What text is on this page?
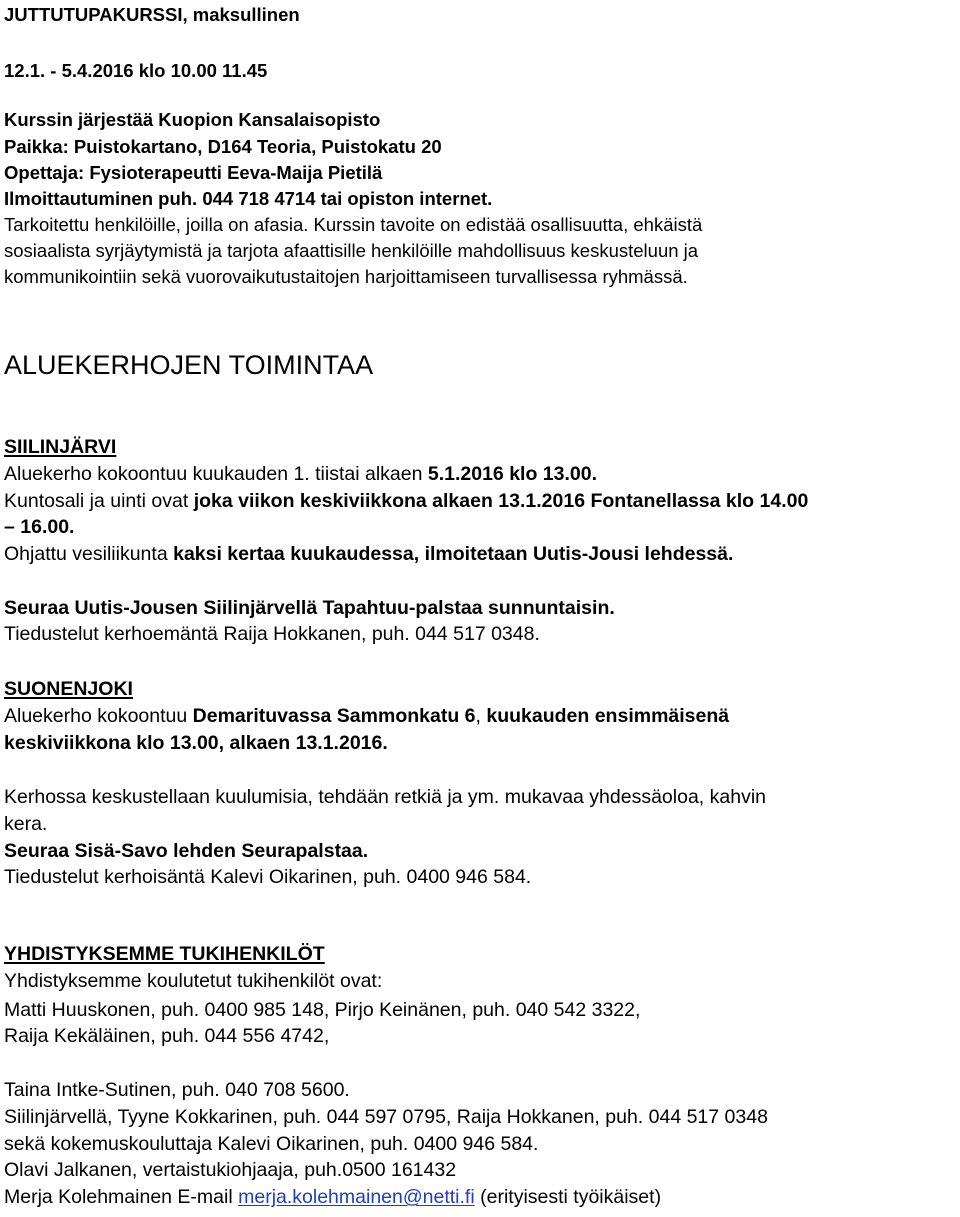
JUTTUTUPAKURSSI, maksullinen
12.1. - 5.4.2016 klo 10.00 11.45
Kurssin järjestää Kuopion Kansalaisopisto
Paikka: Puistokartano, D164 Teoria, Puistokatu 20
Opettaja: Fysioterapeutti Eeva-Maija Pietilä
Ilmoittautuminen puh. 044 718 4714 tai opiston internet.
Tarkoitettu henkilöille, joilla on afasia. Kurssin tavoite on edistää osallisuutta, ehkäistä
sosiaalista syrjäytymistä ja tarjota afaattisille henkilöille mahdollisuus keskusteluun ja
kommunikointiin sekä vuorovaikutustaitojen harjoittamiseen turvallisessa ryhmässä.
ALUEKERHOJEN TOIMINTAA
SIILINJÄRVI
Aluekerho kokoontuu kuukauden 1. tiistai alkaen 5.1.2016 klo 13.00.
Kuntosali ja uinti ovat joka viikon keskiviikkona alkaen 13.1.2016 Fontanellassa klo 14.00
– 16.00.
Ohjattu vesiliikunta kaksi kertaa kuukaudessa, ilmoitetaan Uutis-Jousi lehdessä.
Seuraa Uutis-Jousen Siilinjärvellä Tapahtuu-palstaa sunnuntaisin.
Tiedustelut kerhoemäntä Raija Hokkanen, puh. 044 517 0348.
SUONENJOKI
Aluekerho kokoontuu Demarituvassa Sammonkatu 6, kuukauden ensimmäisenä
keskiviikkona klo 13.00, alkaen 13.1.2016.
Kerhossa keskustellaan kuulumisia, tehdään retkiä ja ym. mukavaa yhdessäoloa, kahvin
kera.
Seuraa Sisä-Savo lehden Seurapalstaa.
Tiedustelut kerhoisäntä Kalevi Oikarinen, puh. 0400 946 584.
YHDISTYKSEMME TUKIHENKILÖT
Yhdistyksemme koulutetut tukihenkilöt ovat:
Matti Huuskonen, puh. 0400 985 148, Pirjo Keinänen, puh. 040 542 3322,
Raija Kekäläinen, puh. 044 556 4742,
Taina Intke-Sutinen, puh. 040 708 5600.
Siilinjärvellä, Tyyne Kokkarinen, puh. 044 597 0795, Raija Hokkanen, puh. 044 517 0348
sekä kokemuskouluttaja Kalevi Oikarinen, puh. 0400 946 584.
Olavi Jalkanen, vertaistukiohjaaja, puh.0500 161432
Merja Kolehmainen E-mail merja.kolehmainen@netti.fi (erityisesti työikäiset)
